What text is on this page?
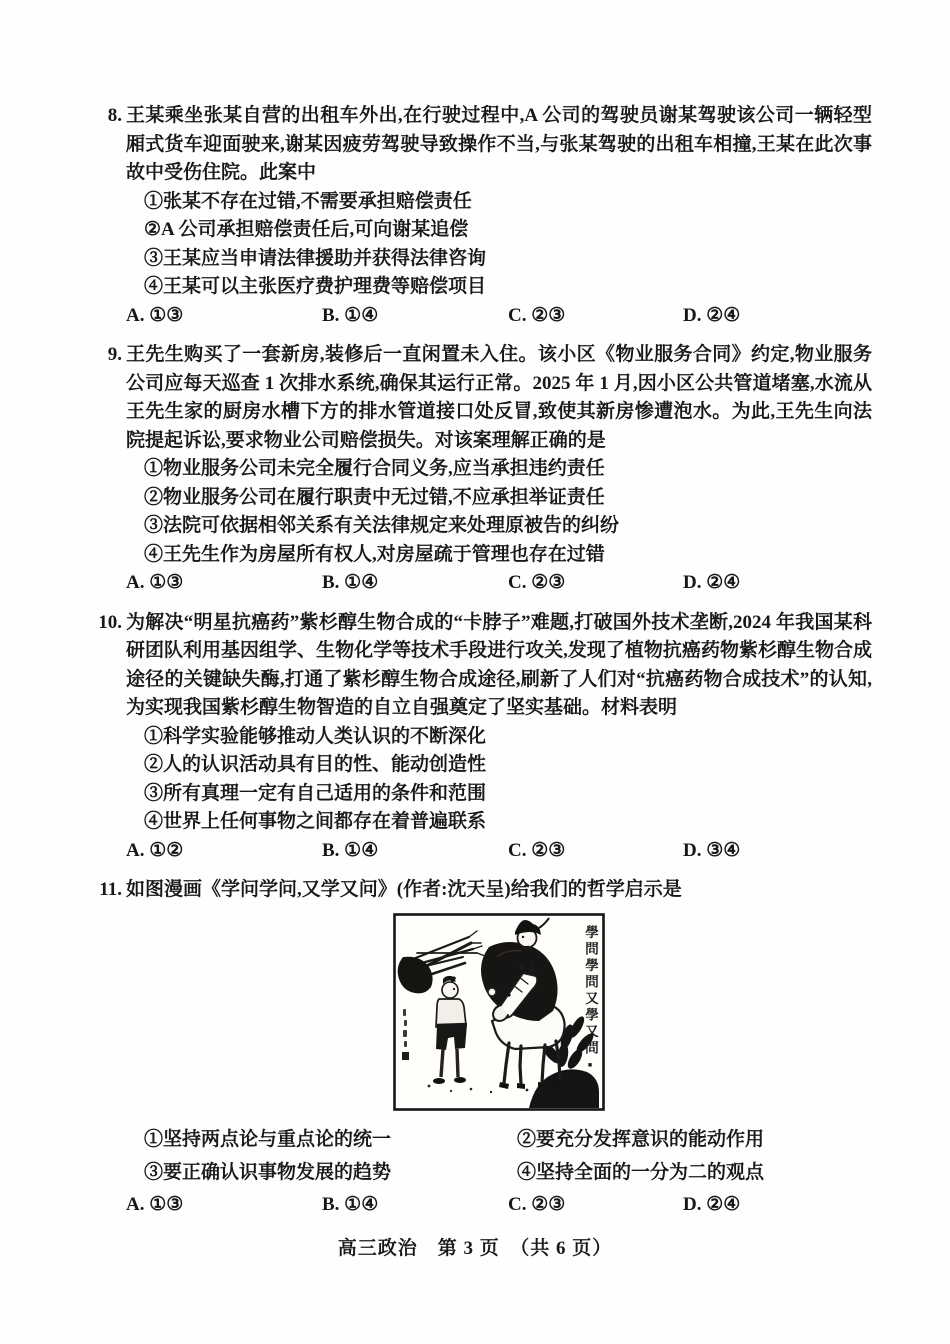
8. 王某乘坐张某自营的出租车外出,在行驶过程中,A 公司的驾驶员谢某驾驶该公司一辆轻型厢式货车迎面驶来,谢某因疲劳驾驶导致操作不当,与张某驾驶的出租车相撞,王某在此次事故中受伤住院。此案中

①张某不存在过错,不需要承担赔偿责任

②A 公司承担赔偿责任后,可向谢某追偿

③王某应当申请法律援助并获得法律咨询

④王某可以主张医疗费护理费等赔偿项目

A. ①③	B. ①④	C. ②③	D. ②④
9. 王先生购买了一套新房,装修后一直闲置未入住。该小区《物业服务合同》约定,物业服务公司应每天巡查 1 次排水系统,确保其运行正常。2025 年 1 月,因小区公共管道堵塞,水流从王先生家的厨房水槽下方的排水管道接口处反冒,致使其新房惨遭泡水。为此,王先生向法院提起诉讼,要求物业公司赔偿损失。对该案理解正确的是

①物业服务公司未完全履行合同义务,应当承担违约责任

②物业服务公司在履行职责中无过错,不应承担举证责任

③法院可依据相邻关系有关法律规定来处理原被告的纠纷

④王先生作为房屋所有权人,对房屋疏于管理也存在过错

A. ①③	B. ①④	C. ②③	D. ②④
10. 为解决“明星抗癌药”紫杉醇生物合成的“卡脖子”难题,打破国外技术垄断,2024 年我国某科研团队利用基因组学、生物化学等技术手段进行攻关,发现了植物抗癌药物紫杉醇生物合成途径的关键缺失酶,打通了紫杉醇生物合成途径,刷新了人们对“抗癌药物合成技术”的认知,为实现我国紫杉醇生物智造的自立自强奠定了坚实基础。材料表明

①科学实验能够推动人类认识的不断深化

②人的认识活动具有目的性、能动创造性

③所有真理一定有自己适用的条件和范围

④世界上任何事物之间都存在着普遍联系

A. ①②	B. ①④	C. ②③	D. ③④
11. 如图漫画《学问学问,又学又问》(作者:沈天呈)给我们的哲学启示是

學問學問又學又問■

①坚持两点论与重点论的统一	②要充分发挥意识的能动作用

③要正确认识事物发展的趋势	④坚持全面的一分为二的观点

A. ①③	B. ①④	C. ②③	D. ②④
高三政治　第 3 页　（共 6 页）
